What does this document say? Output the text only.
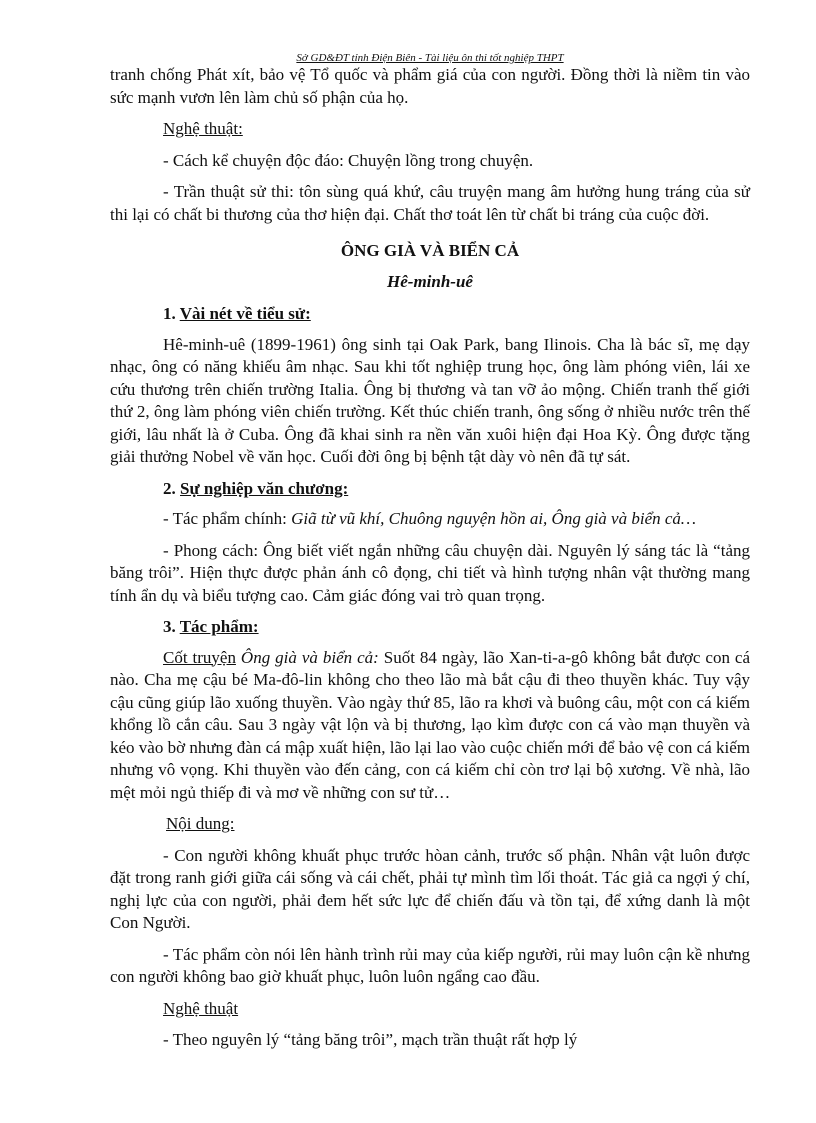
Sở GD&ĐT tỉnh Điện Biên - Tài liệu ôn thi tốt nghiệp THPT

tranh chống Phát xít, bảo vệ Tổ quốc và phẩm giá của con người. Đồng thời là niềm tin vào sức mạnh vươn lên làm chủ số phận của họ.

Nghệ thuật:

- Cách kể chuyện độc đáo: Chuyện lồng trong chuyện.

- Trần thuật sử thi: tôn sùng quá khứ, câu truyện mang âm hưởng hung tráng của sử thi lại có chất bi thương của thơ hiện đại. Chất thơ toát lên từ chất bi tráng của cuộc đời.

ÔNG GIÀ VÀ BIỂN CẢ

Hê-minh-uê

1. Vài nét về tiểu sử:

Hê-minh-uê (1899-1961) ông sinh tại Oak Park, bang Ilinois. Cha là bác sĩ, mẹ dạy nhạc, ông có năng khiếu âm nhạc. Sau khi tốt nghiệp trung học, ông làm phóng viên, lái xe cứu thương trên chiến trường Italia. Ông bị thương và tan vỡ ảo mộng. Chiến tranh thế giới thứ 2, ông làm phóng viên chiến trường. Kết thúc chiến tranh, ông sống ở nhiều nước trên thế giới, lâu nhất là ở Cuba. Ông đã khai sinh ra nền văn xuôi hiện đại Hoa Kỳ. Ông được tặng giải thưởng Nobel về văn học. Cuối đời ông bị bệnh tật dày vò nên đã tự sát.

2. Sự nghiệp văn chương:

- Tác phẩm chính: Giã từ vũ khí, Chuông nguyện hồn ai, Ông già và biển cả…

- Phong cách: Ông biết viết ngắn những câu chuyện dài. Nguyên lý sáng tác là “tảng băng trôi”. Hiện thực được phản ánh cô đọng, chi tiết và hình tượng nhân vật thường mang tính ẩn dụ và biểu tượng cao. Cảm giác đóng vai trò quan trọng.

3. Tác phẩm:

Cốt truyện Ông già và biển cả: Suốt 84 ngày, lão Xan-ti-a-gô không bắt được con cá nào. Cha mẹ cậu bé Ma-đô-lin không cho theo lão mà bắt cậu đi theo thuyền khác. Tuy vậy cậu cũng giúp lão xuống thuyền. Vào ngày thứ 85, lão ra khơi và buông câu, một con cá kiếm khổng lồ cắn câu. Sau 3 ngày vật lộn và bị thương, lạo kìm được con cá vào mạn thuyền và kéo vào bờ nhưng đàn cá mập xuất hiện, lão lại lao vào cuộc chiến mới để bảo vệ con cá kiếm nhưng vô vọng. Khi thuyền vào đến cảng, con cá kiếm chỉ còn trơ lại bộ xương. Về nhà, lão mệt mỏi ngủ thiếp đi và mơ về những con sư tử…

Nội dung:

- Con người không khuất phục trước hòan cảnh, trước số phận. Nhân vật luôn được đặt trong ranh giới giữa cái sống và cái chết, phải tự mình tìm lối thoát. Tác giả ca ngợi ý chí, nghị lực của con người, phải đem hết sức lực để chiến đấu và tồn tại, để xứng danh là một Con Người.

- Tác phẩm còn nói lên hành trình rủi may của kiếp người, rủi may luôn cận kề nhưng con người không bao giờ khuất phục, luôn luôn ngẩng cao đầu.

Nghệ thuật

- Theo nguyên lý “tảng băng trôi”, mạch trần thuật rất hợp lý
